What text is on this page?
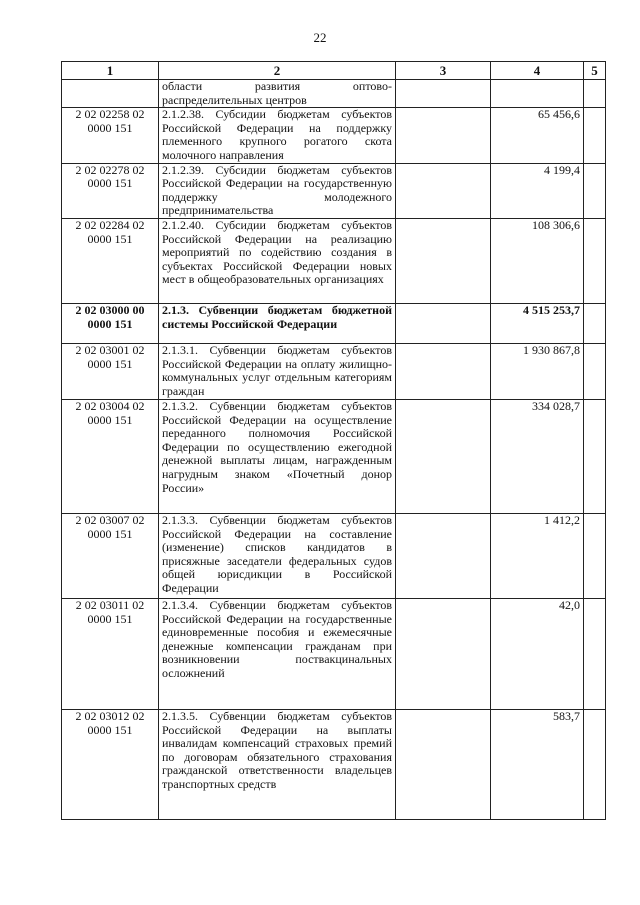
22
1	2	3	4	5
	области развития оптово-распределительных центров			
2 02 02258 02 0000 151	2.1.2.38. Субсидии бюджетам субъектов Российской Федерации на поддержку племенного крупного рогатого скота молочного направления		65 456,6	
2 02 02278 02 0000 151	2.1.2.39. Субсидии бюджетам субъектов Российской Федерации на государственную поддержку молодежного предпринимательства		4 199,4	
2 02 02284 02 0000 151	2.1.2.40. Субсидии бюджетам субъектов Российской Федерации на реализацию мероприятий по содействию создания в субъектах Российской Федерации новых мест в общеобразовательных организациях		108 306,6	
2 02 03000 00 0000 151	2.1.3. Субвенции бюджетам бюджетной системы Российской Федерации		4 515 253,7	
2 02 03001 02 0000 151	2.1.3.1. Субвенции бюджетам субъектов Российской Федерации на оплату жилищно-коммунальных услуг отдельным категориям граждан		1 930 867,8	
2 02 03004 02 0000 151	2.1.3.2. Субвенции бюджетам субъектов Российской Федерации на осуществление переданного полномочия Российской Федерации по осуществлению ежегодной денежной выплаты лицам, награжденным нагрудным знаком «Почетный донор России»		334 028,7	
2 02 03007 02 0000 151	2.1.3.3. Субвенции бюджетам субъектов Российской Федерации на составление (изменение) списков кандидатов в присяжные заседатели федеральных судов общей юрисдикции в Российской Федерации		1 412,2	
2 02 03011 02 0000 151	2.1.3.4. Субвенции бюджетам субъектов Российской Федерации на государственные единовременные пособия и ежемесячные денежные компенсации гражданам при возникновении поствакцинальных осложнений		42,0	
2 02 03012 02 0000 151	2.1.3.5. Субвенции бюджетам субъектов Российской Федерации на выплаты инвалидам компенсаций страховых премий по договорам обязательного страхования гражданской ответственности владельцев транспортных средств		583,7	
